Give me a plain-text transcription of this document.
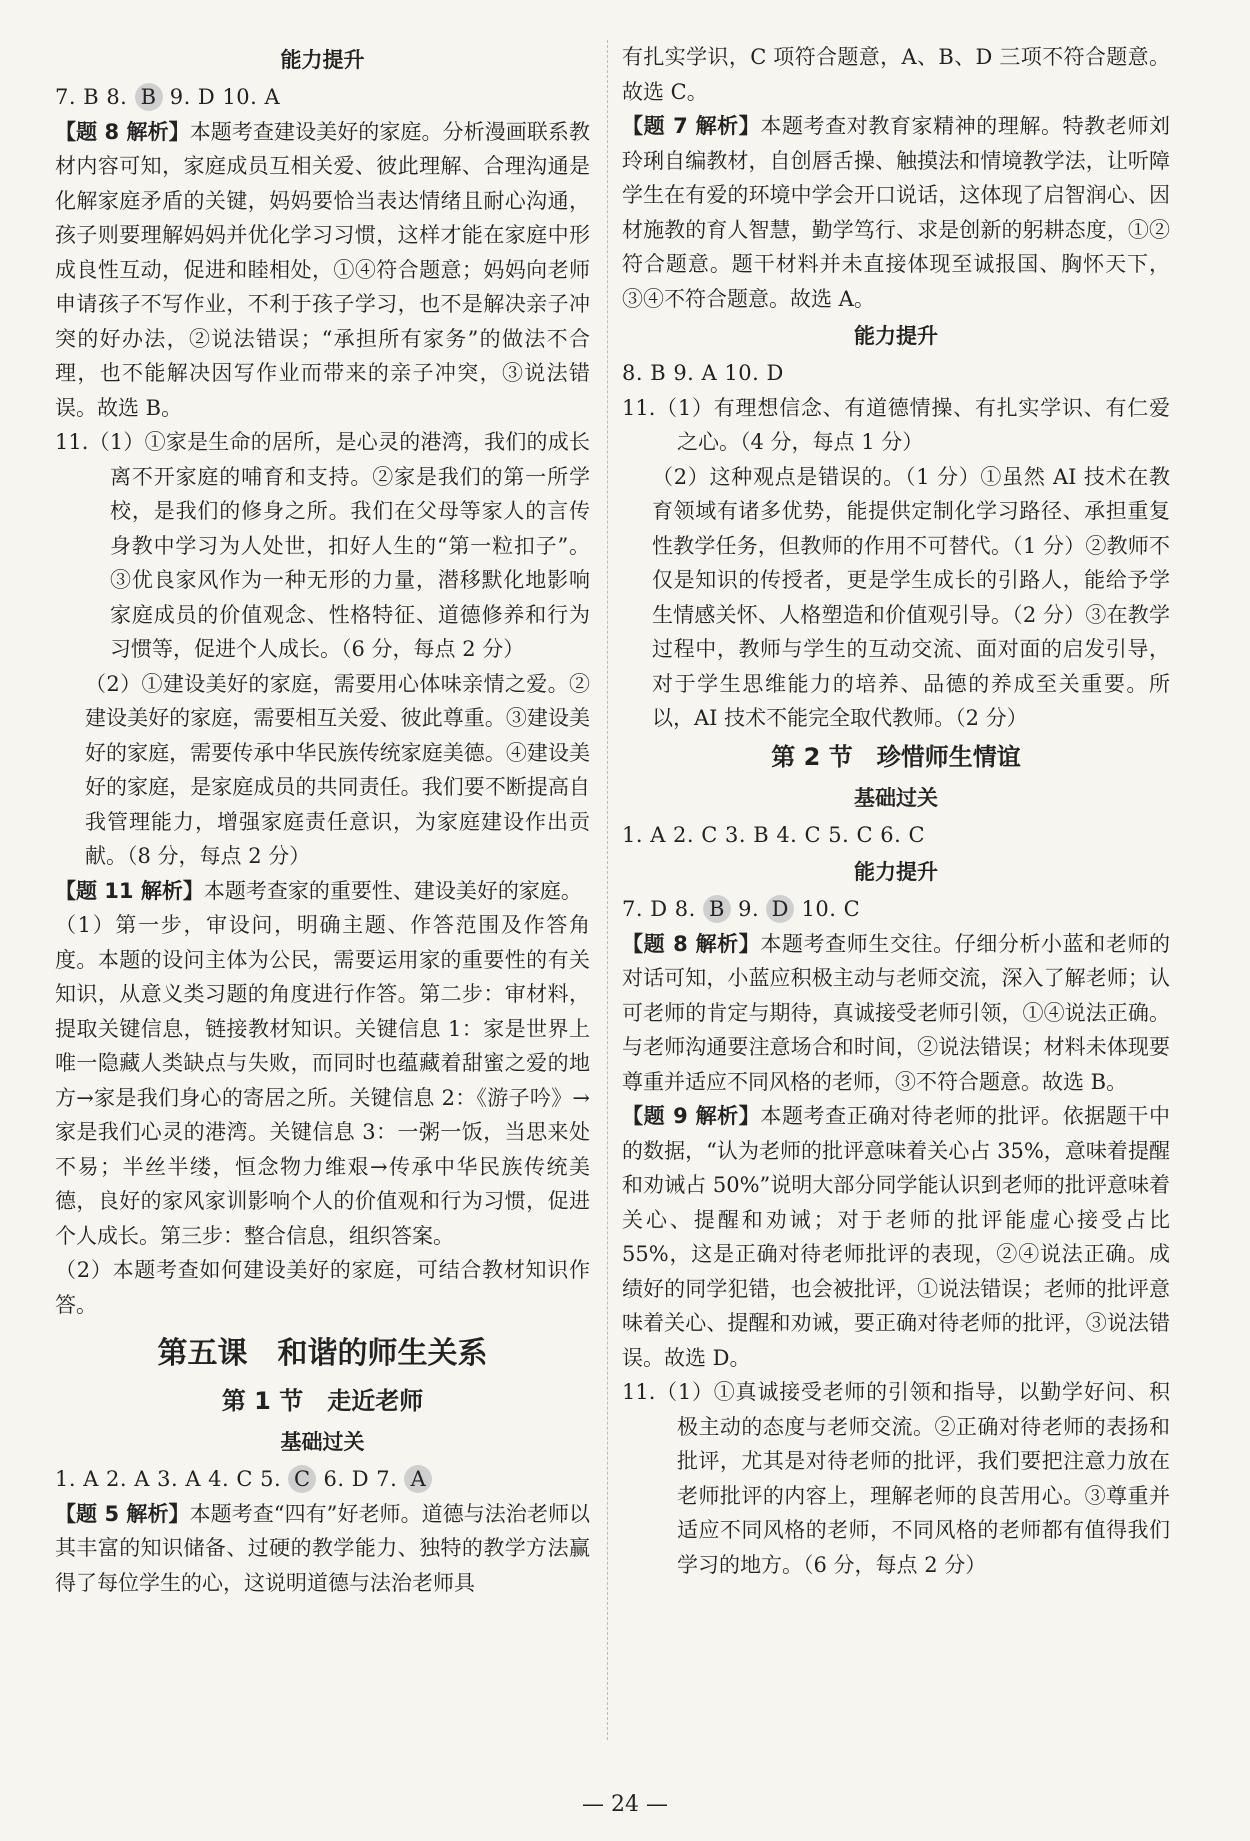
能力提升

7. B 8. B 9. D 10. A

【题 8 解析】本题考查建设美好的家庭。分析漫画联系教材内容可知，家庭成员互相关爱、彼此理解、合理沟通是化解家庭矛盾的关键，妈妈要恰当表达情绪且耐心沟通，孩子则要理解妈妈并优化学习习惯，这样才能在家庭中形成良性互动，促进和睦相处，①④符合题意；妈妈向老师申请孩子不写作业，不利于孩子学习，也不是解决亲子冲突的好办法，②说法错误；“承担所有家务”的做法不合理，也不能解决因写作业而带来的亲子冲突，③说法错误。故选 B。

11.（1）①家是生命的居所，是心灵的港湾，我们的成长离不开家庭的哺育和支持。②家是我们的第一所学校，是我们的修身之所。我们在父母等家人的言传身教中学习为人处世，扣好人生的“第一粒扣子”。③优良家风作为一种无形的力量，潜移默化地影响家庭成员的价值观念、性格特征、道德修养和行为习惯等，促进个人成长。（6 分，每点 2 分）

（2）①建设美好的家庭，需要用心体味亲情之爱。②建设美好的家庭，需要相互关爱、彼此尊重。③建设美好的家庭，需要传承中华民族传统家庭美德。④建设美好的家庭，是家庭成员的共同责任。我们要不断提高自我管理能力，增强家庭责任意识，为家庭建设作出贡献。（8 分，每点 2 分）

【题 11 解析】本题考查家的重要性、建设美好的家庭。

（1）第一步，审设问，明确主题、作答范围及作答角度。本题的设问主体为公民，需要运用家的重要性的有关知识，从意义类习题的角度进行作答。第二步：审材料，提取关键信息，链接教材知识。关键信息 1：家是世界上唯一隐藏人类缺点与失败，而同时也蕴藏着甜蜜之爱的地方→家是我们身心的寄居之所。关键信息 2：《游子吟》→家是我们心灵的港湾。关键信息 3：一粥一饭，当思来处不易；半丝半缕，恒念物力维艰→传承中华民族传统美德，良好的家风家训影响个人的价值观和行为习惯，促进个人成长。第三步：整合信息，组织答案。

（2）本题考查如何建设美好的家庭，可结合教材知识作答。

第五课　和谐的师生关系
第 1 节　走近老师
基础过关

1. A 2. A 3. A 4. C 5. C 6. D 7. A

【题 5 解析】本题考查“四有”好老师。道德与法治老师以其丰富的知识储备、过硬的教学能力、独特的教学方法赢得了每位学生的心，这说明道德与法治老师具

有扎实学识，C 项符合题意，A、B、D 三项不符合题意。故选 C。

【题 7 解析】本题考查对教育家精神的理解。特教老师刘玲琍自编教材，自创唇舌操、触摸法和情境教学法，让听障学生在有爱的环境中学会开口说话，这体现了启智润心、因材施教的育人智慧，勤学笃行、求是创新的躬耕态度，①②符合题意。题干材料并未直接体现至诚报国、胸怀天下，③④不符合题意。故选 A。

能力提升

8. B 9. A 10. D

11.（1）有理想信念、有道德情操、有扎实学识、有仁爱之心。（4 分，每点 1 分）

（2）这种观点是错误的。（1 分）①虽然 AI 技术在教育领域有诸多优势，能提供定制化学习路径、承担重复性教学任务，但教师的作用不可替代。（1 分）②教师不仅是知识的传授者，更是学生成长的引路人，能给予学生情感关怀、人格塑造和价值观引导。（2 分）③在教学过程中，教师与学生的互动交流、面对面的启发引导，对于学生思维能力的培养、品德的养成至关重要。所以，AI 技术不能完全取代教师。（2 分）

第 2 节　珍惜师生情谊
基础过关

1. A 2. C 3. B 4. C 5. C 6. C

能力提升

7. D 8. B 9. D 10. C

【题 8 解析】本题考查师生交往。仔细分析小蓝和老师的对话可知，小蓝应积极主动与老师交流，深入了解老师；认可老师的肯定与期待，真诚接受老师引领，①④说法正确。与老师沟通要注意场合和时间，②说法错误；材料未体现要尊重并适应不同风格的老师，③不符合题意。故选 B。

【题 9 解析】本题考查正确对待老师的批评。依据题干中的数据，“认为老师的批评意味着关心占 35%，意味着提醒和劝诫占 50%”说明大部分同学能认识到老师的批评意味着关心、提醒和劝诫；对于老师的批评能虚心接受占比 55%，这是正确对待老师批评的表现，②④说法正确。成绩好的同学犯错，也会被批评，①说法错误；老师的批评意味着关心、提醒和劝诫，要正确对待老师的批评，③说法错误。故选 D。

11.（1）①真诚接受老师的引领和指导，以勤学好问、积极主动的态度与老师交流。②正确对待老师的表扬和批评，尤其是对待老师的批评，我们要把注意力放在老师批评的内容上，理解老师的良苦用心。③尊重并适应不同风格的老师，不同风格的老师都有值得我们学习的地方。（6 分，每点 2 分）

— 24 —
